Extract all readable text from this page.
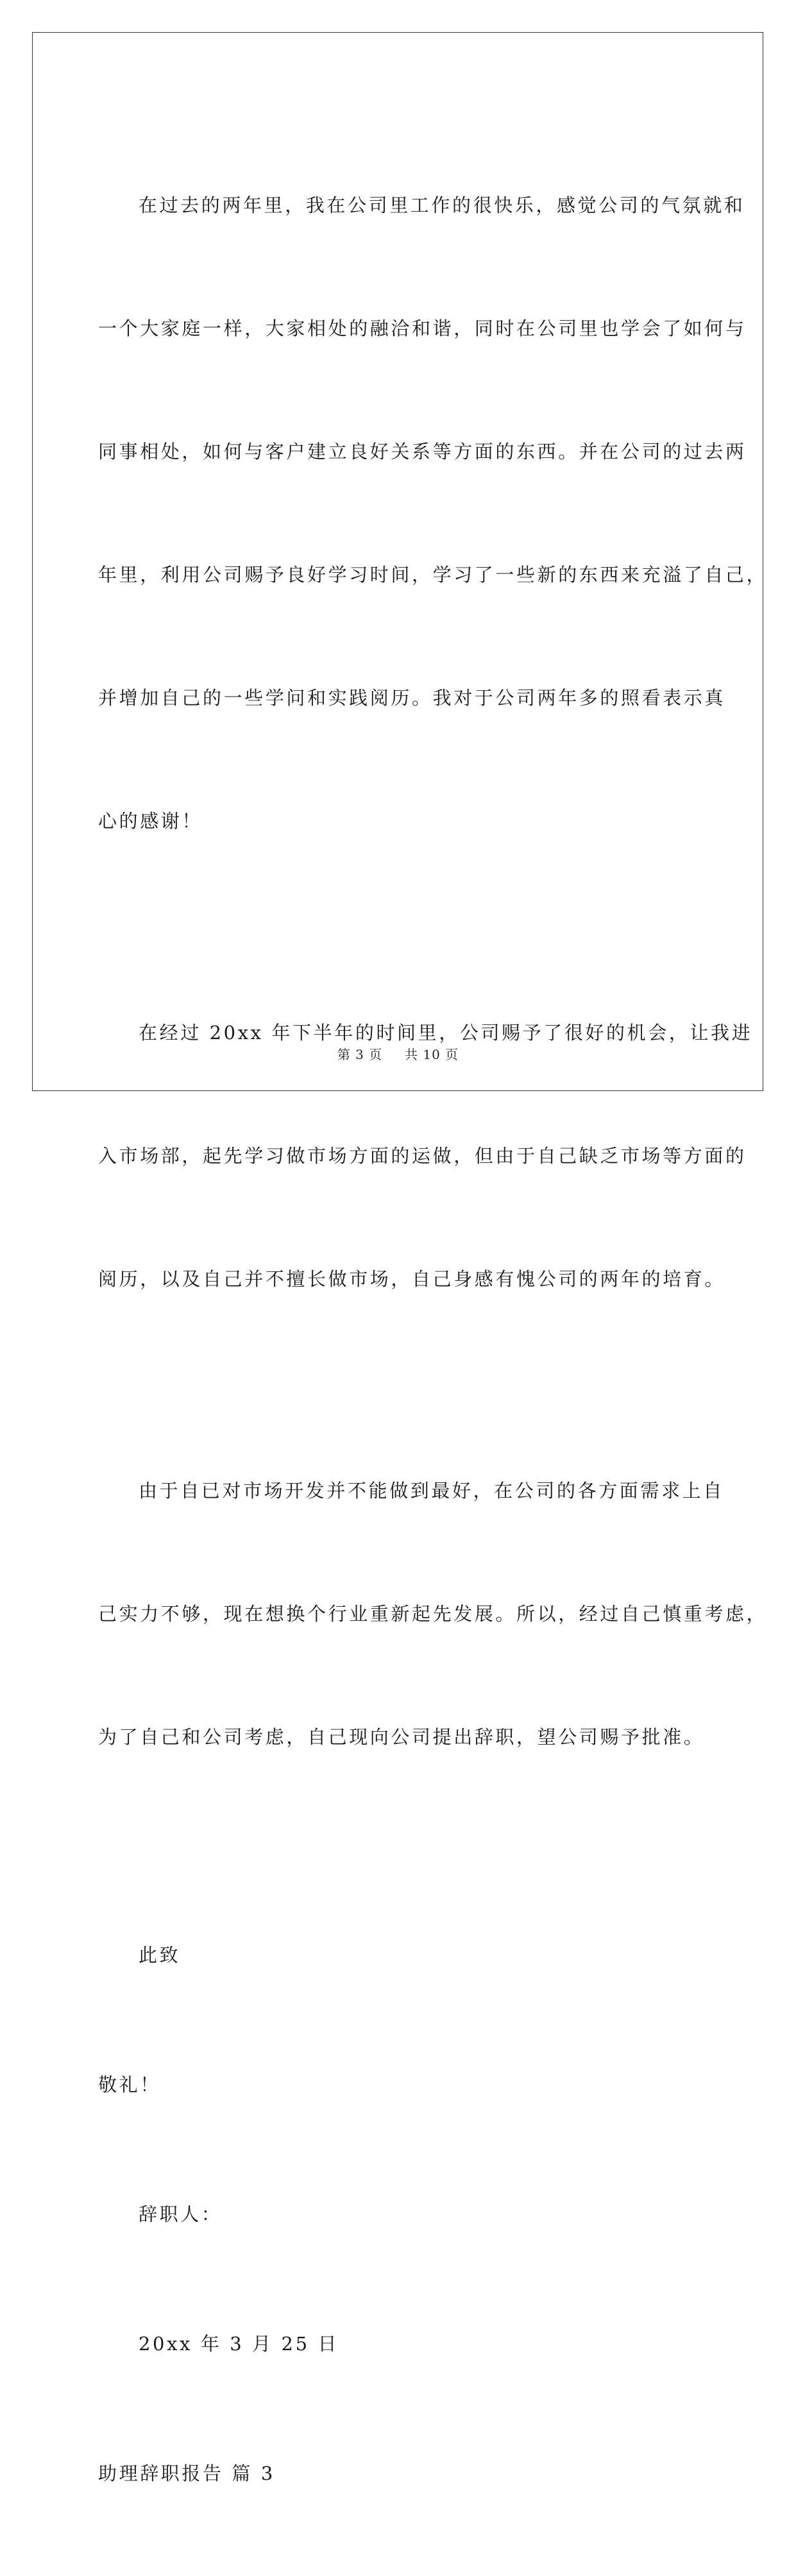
在过去的两年里，我在公司里工作的很快乐，感觉公司的气氛就和

一个大家庭一样，大家相处的融洽和谐，同时在公司里也学会了如何与

同事相处，如何与客户建立良好关系等方面的东西。并在公司的过去两

年里，利用公司赐予良好学习时间，学习了一些新的东西来充溢了自己，

并增加自己的一些学问和实践阅历。我对于公司两年多的照看表示真

心的感谢！

在经过 20xx 年下半年的时间里，公司赐予了很好的机会，让我进

入市场部，起先学习做市场方面的运做，但由于自己缺乏市场等方面的

阅历，以及自己并不擅长做市场，自己身感有愧公司的两年的培育。

由于自已对市场开发并不能做到最好，在公司的各方面需求上自

己实力不够，现在想换个行业重新起先发展。所以，经过自己慎重考虑，

为了自己和公司考虑，自己现向公司提出辞职，望公司赐予批准。

此致

敬礼！

辞职人：

20xx 年 3 月 25 日

助理辞职报告 篇 3

第 3 页 共 10 页
